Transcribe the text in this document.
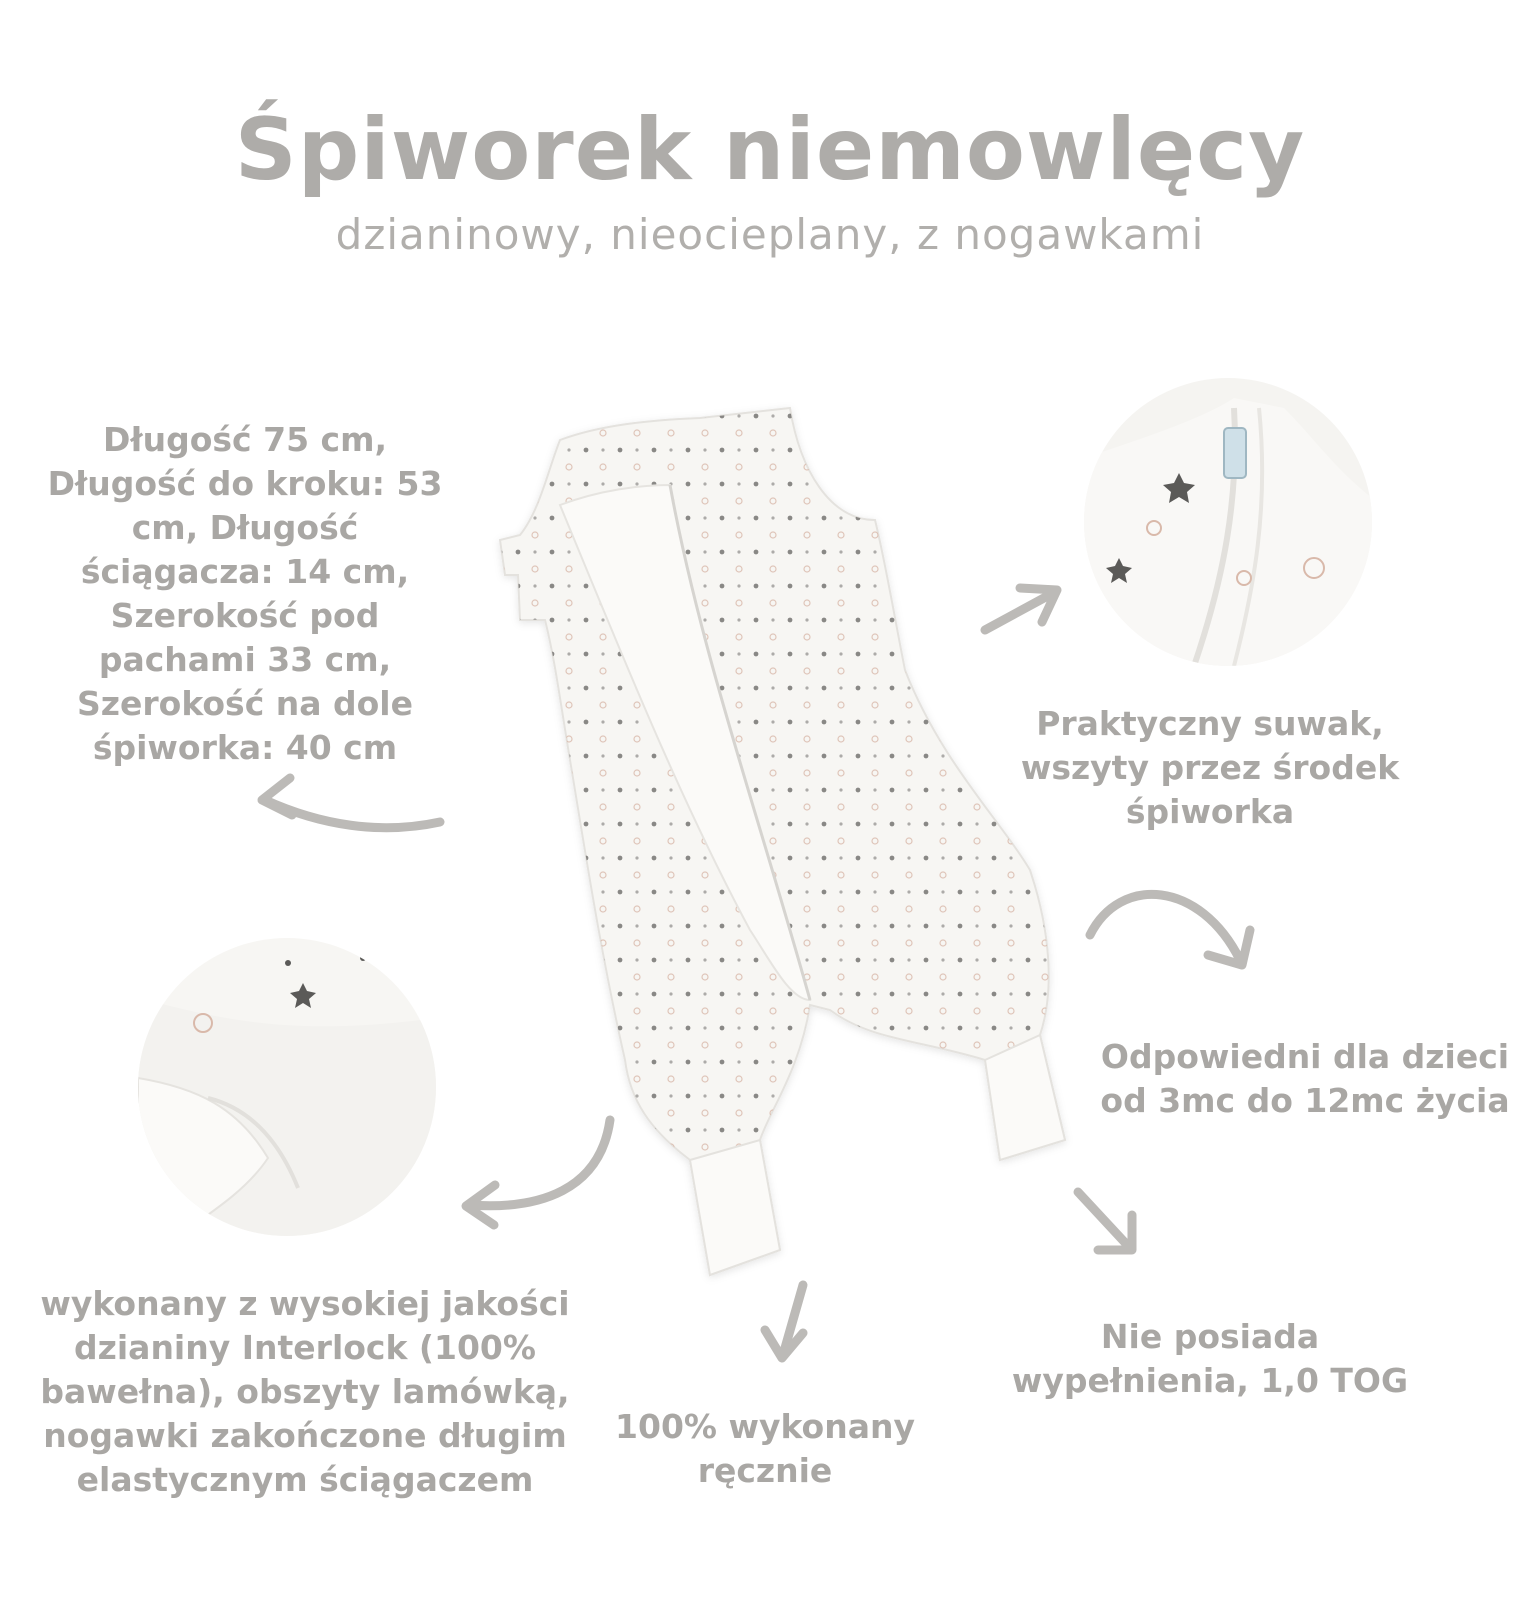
Śpiworek niemowlęcy

dzianinowy, nieocieplany, z nogawkami

Długość 75 cm, Długość do kroku: 53 cm, Długość ściągacza: 14 cm, Szerokość pod pachami 33 cm, Szerokość na dole śpiworka: 40 cm

Praktyczny suwak, wszyty przez środek śpiworka

Odpowiedni dla dzieci od 3mc do 12mc życia

Nie posiada wypełnienia, 1,0 TOG

100% wykonany ręcznie

wykonany z wysokiej jakości dzianiny Interlock (100% bawełna), obszyty lamówką, nogawki zakończone długim elastycznym ściągaczem
